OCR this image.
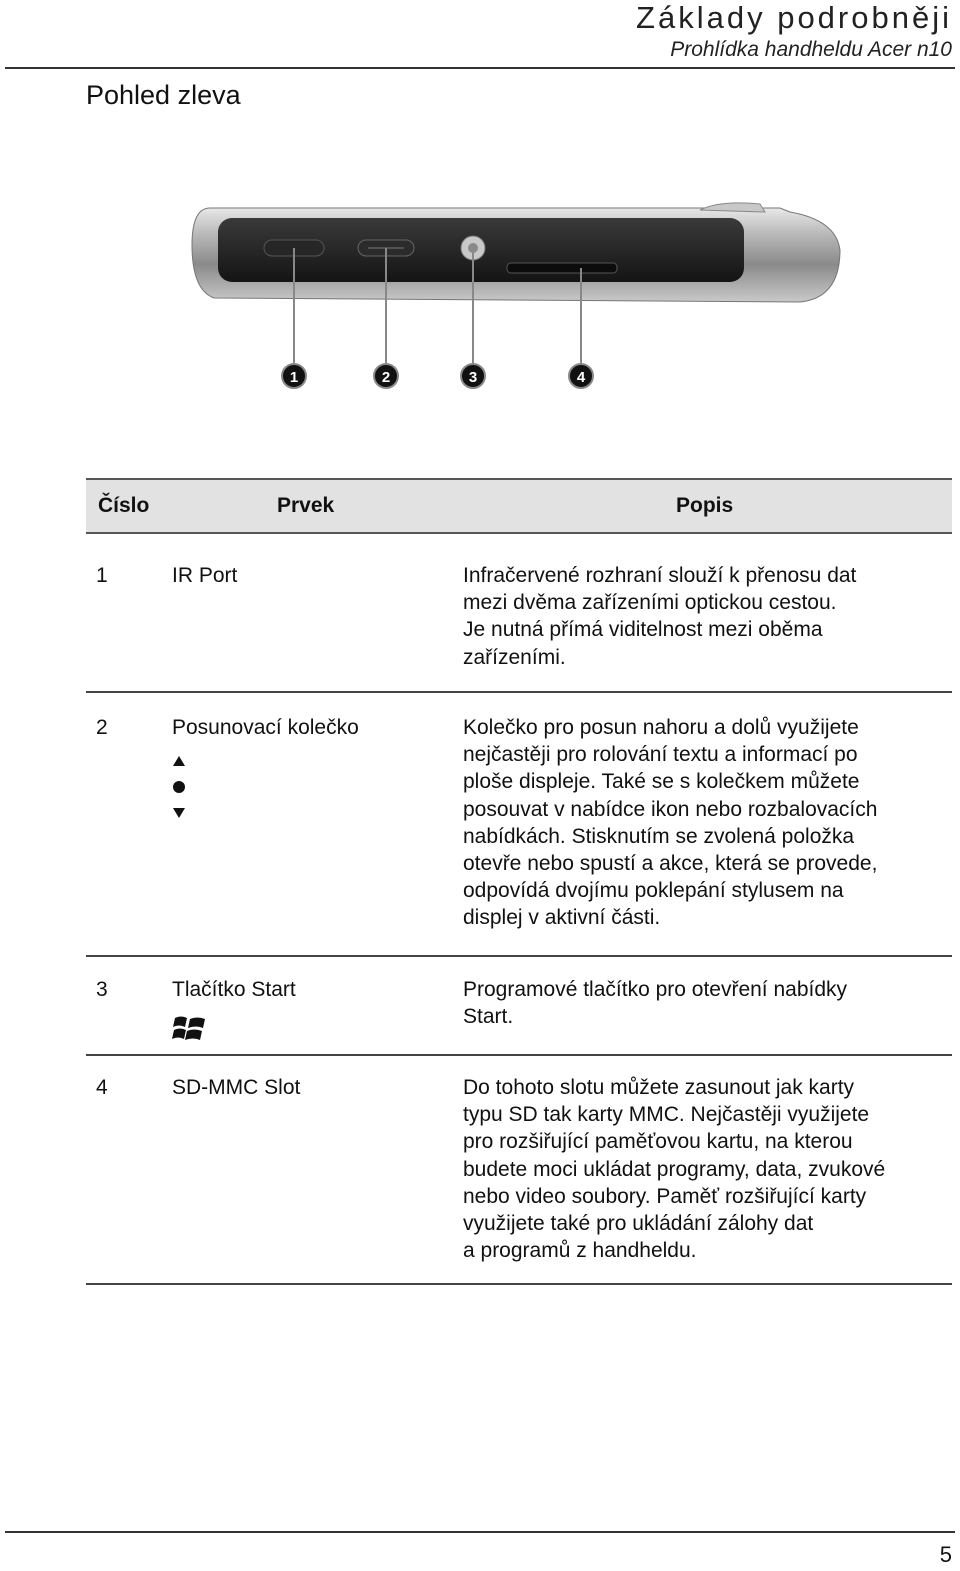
Základy podrobněji
Prohlídka handheldu Acer n10
Pohled zleva
1	2	3	4
Číslo	Prvek	Popis
1	IR Port	Infračervené rozhraní slouží k přenosu dat
mezi dvěma zařízeními optickou cestou.
Je nutná přímá viditelnost mezi oběma
zařízeními.
2	Posunovací kolečko	Kolečko pro posun nahoru a dolů využijete
nejčastěji pro rolování textu a informací po
ploše displeje. Také se s kolečkem můžete
posouvat v nabídce ikon nebo rozbalovacích
nabídkách. Stisknutím se zvolená položka
otevře nebo spustí a akce, která se provede,
odpovídá dvojímu poklepání stylusem na
displej v aktivní části.
3	Tlačítko Start	Programové tlačítko pro otevření nabídky
Start.
4	SD-MMC Slot	Do tohoto slotu můžete zasunout jak karty
typu SD tak karty MMC. Nejčastěji využijete
pro rozšiřující paměťovou kartu, na kterou
budete moci ukládat programy, data, zvukové
nebo video soubory. Paměť rozšiřující karty
využijete také pro ukládání zálohy dat
a programů z handheldu.
5
